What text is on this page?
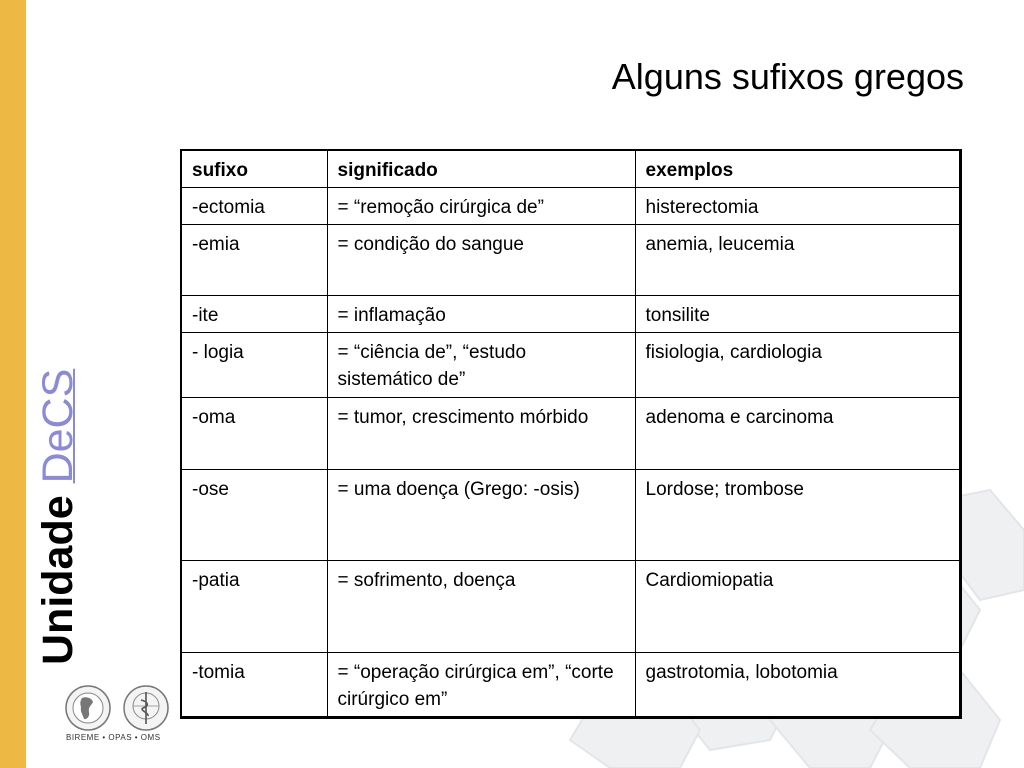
Unidade DeCS
Alguns sufixos gregos
sufixo	significado	exemplos
-ectomia	= “remoção cirúrgica de”	histerectomia
-emia	= condição do sangue	anemia, leucemia
-ite	= inflamação	tonsilite
- logia	= “ciência de”, “estudo sistemático de”	fisiologia, cardiologia
-oma	= tumor, crescimento mórbido	adenoma e carcinoma
-ose	= uma doença (Grego: -osis)	Lordose; trombose
-patia	= sofrimento, doença	Cardiomiopatia
-tomia	= “operação cirúrgica em”, “corte cirúrgico em”	gastrotomia, lobotomia
BIREME • OPAS • OMS
